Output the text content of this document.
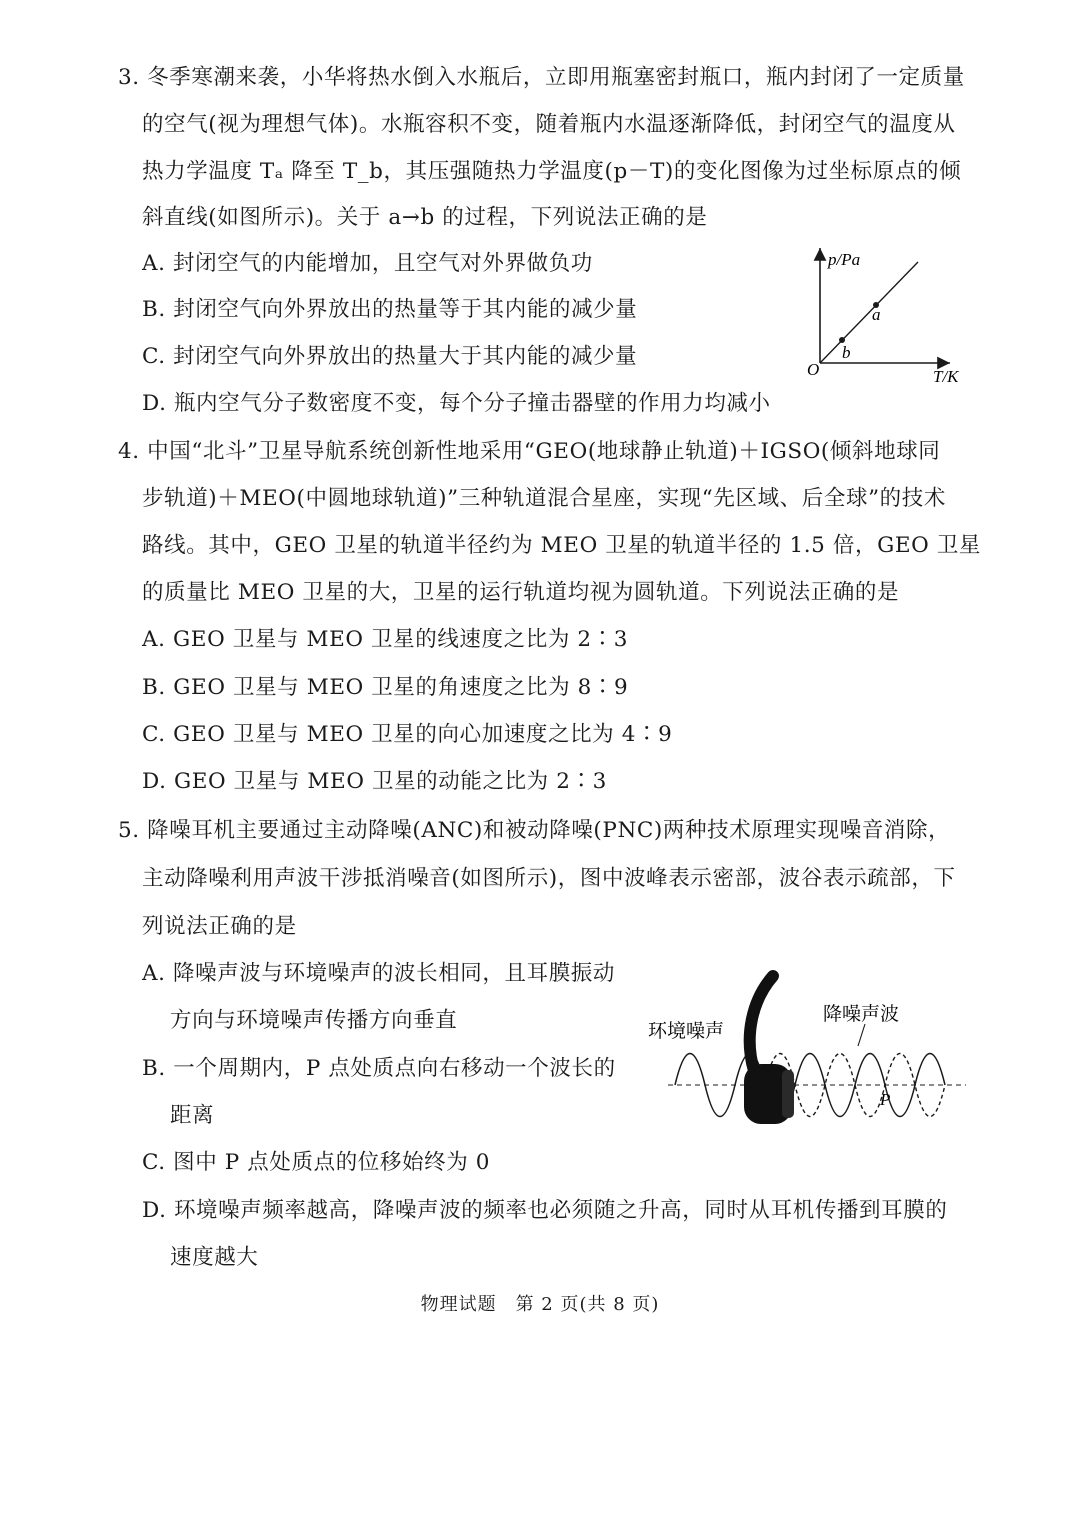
3. 冬季寒潮来袭，小华将热水倒入水瓶后，立即用瓶塞密封瓶口，瓶内封闭了一定质量
的空气(视为理想气体)。水瓶容积不变，随着瓶内水温逐渐降低，封闭空气的温度从
热力学温度 Tₐ 降至 T_b，其压强随热力学温度(p－T)的变化图像为过坐标原点的倾
斜直线(如图所示)。关于 a→b 的过程，下列说法正确的是
A. 封闭空气的内能增加，且空气对外界做负功
B. 封闭空气向外界放出的热量等于其内能的减少量
C. 封闭空气向外界放出的热量大于其内能的减少量
D. 瓶内空气分子数密度不变，每个分子撞击器壁的作用力均减小
p/Pa
T/K
O
a
b
4. 中国“北斗”卫星导航系统创新性地采用“GEO(地球静止轨道)＋IGSO(倾斜地球同
步轨道)＋MEO(中圆地球轨道)”三种轨道混合星座，实现“先区域、后全球”的技术
路线。其中，GEO 卫星的轨道半径约为 MEO 卫星的轨道半径的 1.5 倍，GEO 卫星
的质量比 MEO 卫星的大，卫星的运行轨道均视为圆轨道。下列说法正确的是
A. GEO 卫星与 MEO 卫星的线速度之比为 2∶3
B. GEO 卫星与 MEO 卫星的角速度之比为 8∶9
C. GEO 卫星与 MEO 卫星的向心加速度之比为 4∶9
D. GEO 卫星与 MEO 卫星的动能之比为 2∶3
5. 降噪耳机主要通过主动降噪(ANC)和被动降噪(PNC)两种技术原理实现噪音消除，
主动降噪利用声波干涉抵消噪音(如图所示)，图中波峰表示密部，波谷表示疏部，下
列说法正确的是
A. 降噪声波与环境噪声的波长相同，且耳膜振动
方向与环境噪声传播方向垂直
B. 一个周期内，P 点处质点向右移动一个波长的
距离
C. 图中 P 点处质点的位移始终为 0
D. 环境噪声频率越高，降噪声波的频率也必须随之升高，同时从耳机传播到耳膜的
速度越大
环境噪声
降噪声波
P
物理试题　第 2 页(共 8 页)
